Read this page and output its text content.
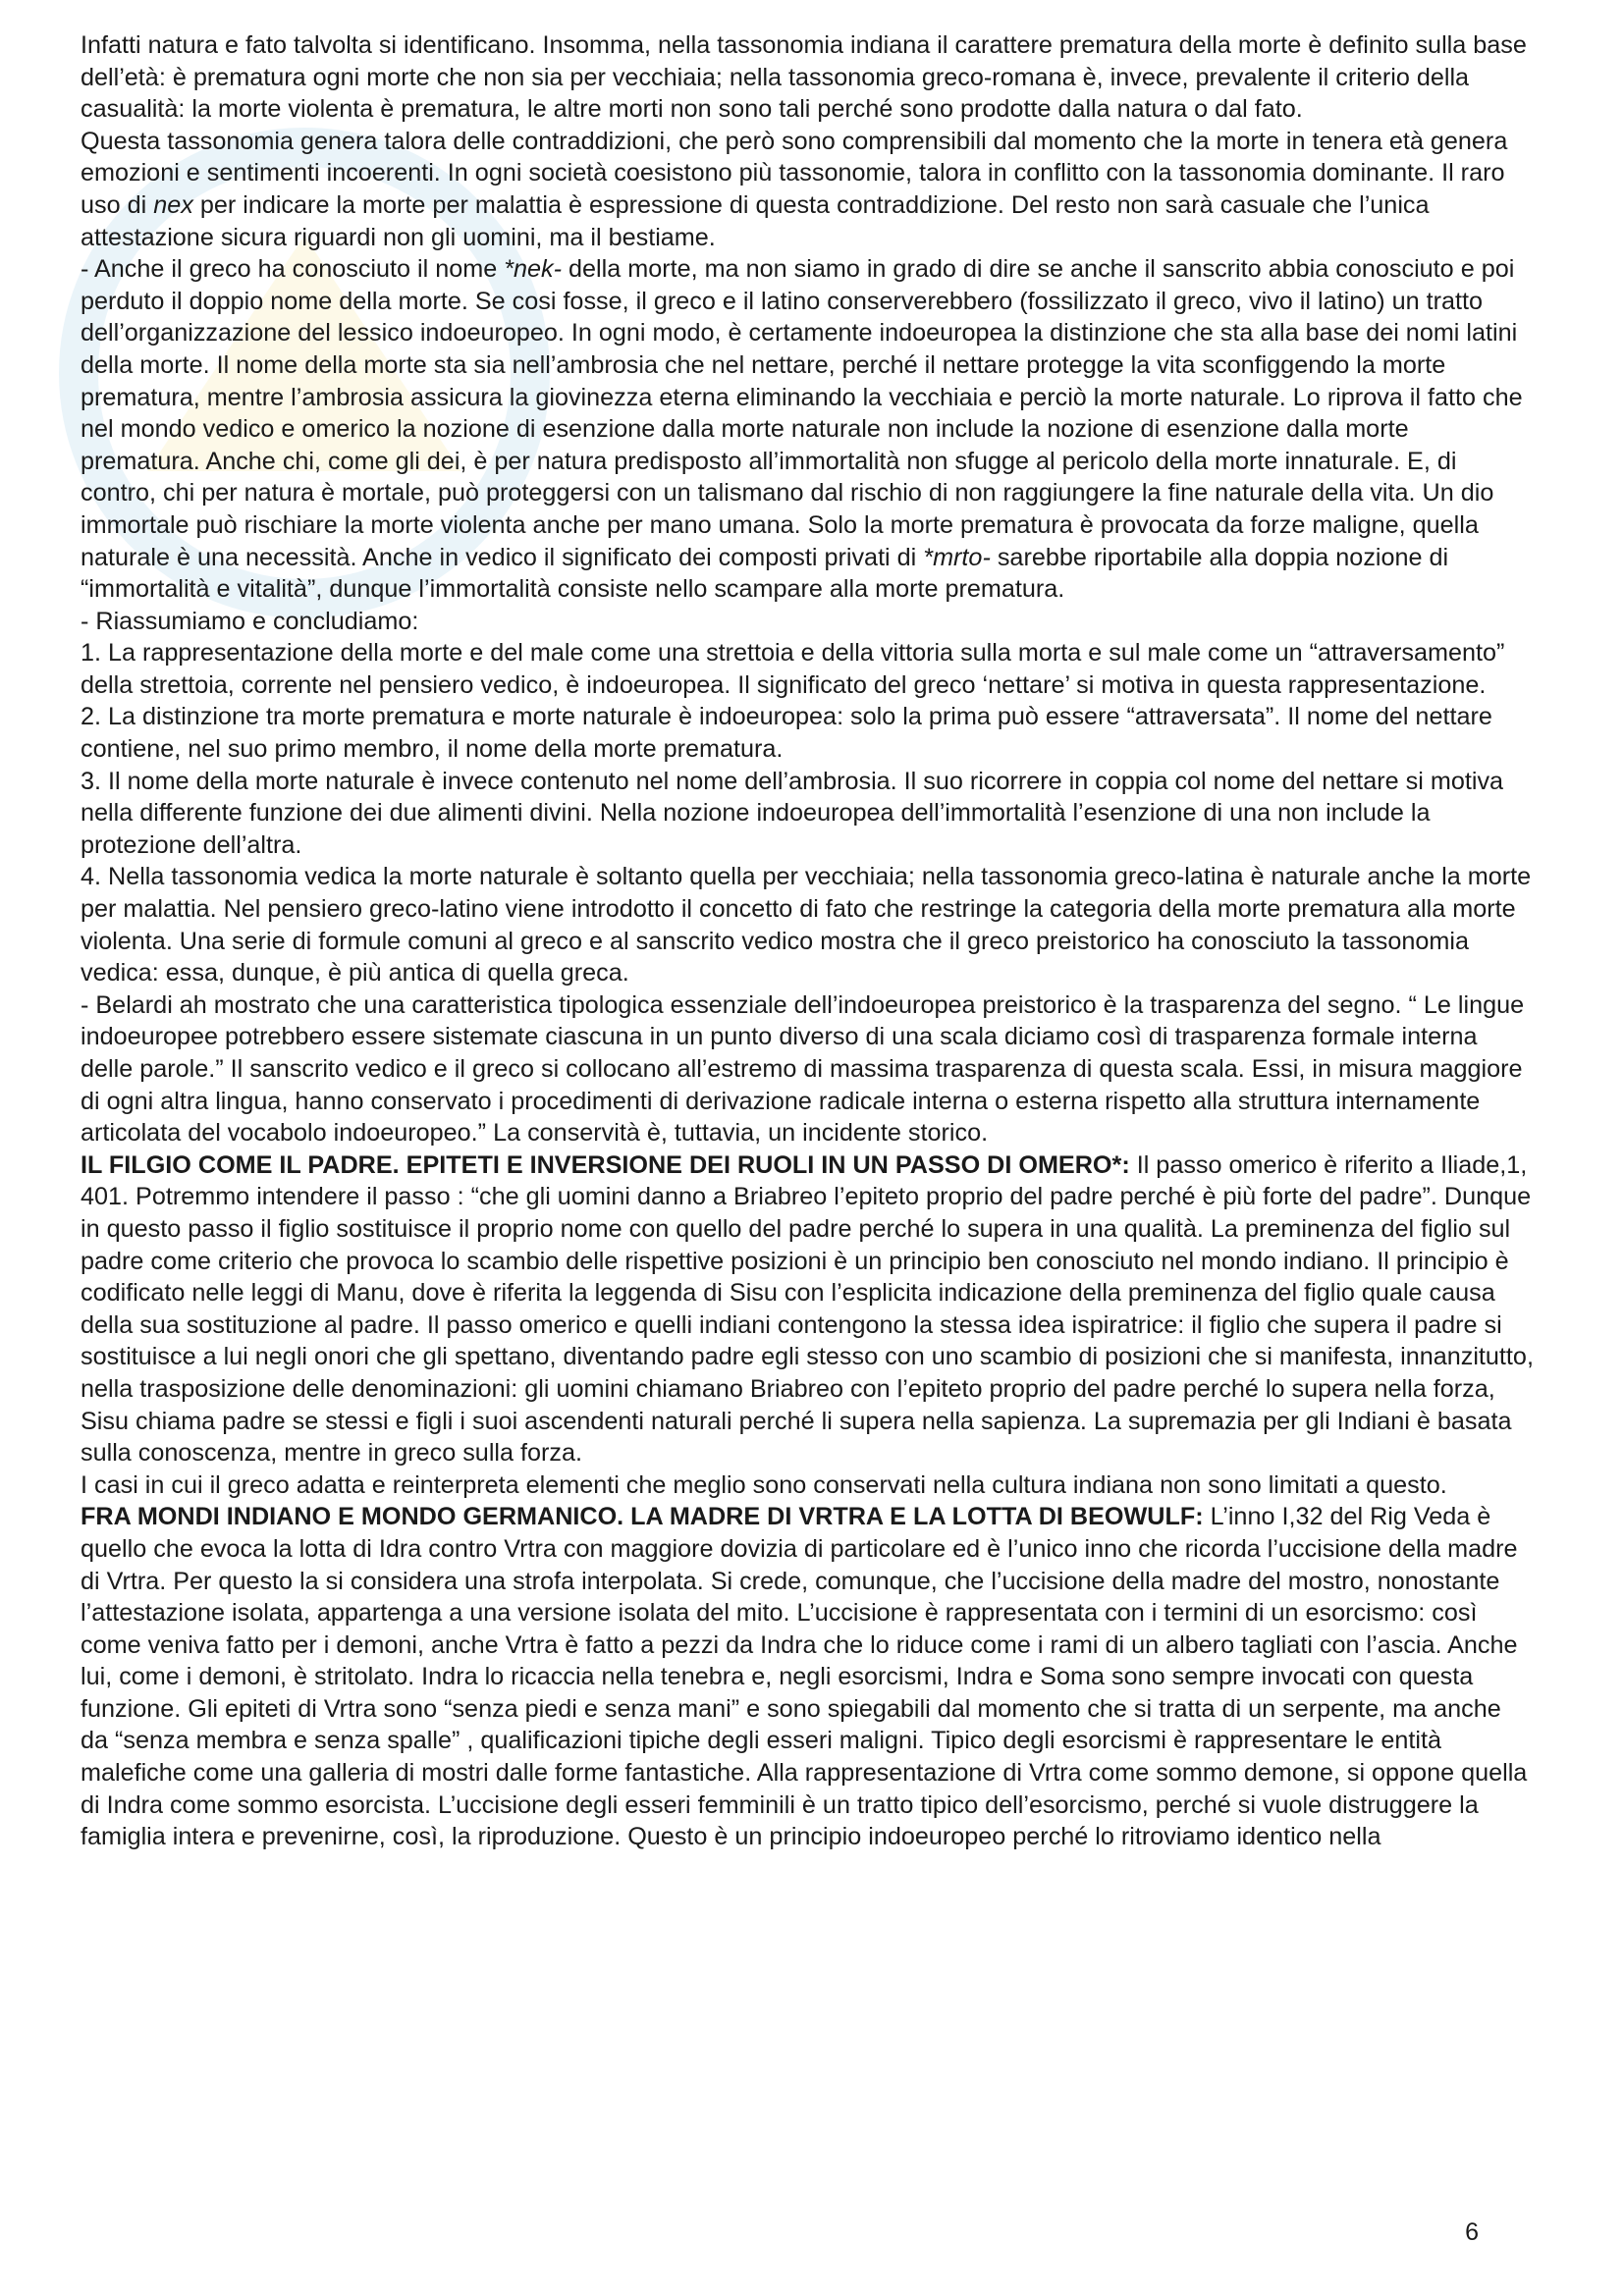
Infatti natura e fato talvolta si identificano. Insomma, nella tassonomia indiana il carattere prematura della morte è definito sulla base dell’età: è prematura ogni morte che non sia per vecchiaia; nella tassonomia greco-romana è, invece, prevalente il criterio della casualità: la morte violenta è prematura, le altre morti non sono tali perché sono prodotte dalla natura o dal fato.

Questa tassonomia genera talora delle contraddizioni, che però sono comprensibili dal momento che la morte in tenera età genera emozioni e sentimenti incoerenti. In ogni società coesistono più tassonomie, talora in conflitto con la tassonomia dominante. Il raro uso di nex per indicare la morte per malattia è espressione di questa contraddizione. Del resto non sarà casuale che l’unica attestazione sicura riguardi non gli uomini, ma il bestiame.

- Anche il greco ha conosciuto il nome *nek- della morte, ma non siamo in grado di dire se anche il sanscrito abbia conosciuto e poi perduto il doppio nome della morte. Se cosi fosse, il greco e il latino conserverebbero (fossilizzato il greco, vivo il latino) un tratto dell’organizzazione del lessico indoeuropeo. In ogni modo, è certamente indoeuropea la distinzione che sta alla base dei nomi latini della morte. Il nome della morte sta sia nell’ambrosia che nel nettare, perché il nettare protegge la vita sconfiggendo la morte prematura, mentre l’ambrosia assicura la giovinezza eterna eliminando la vecchiaia e perciò la morte naturale. Lo riprova il fatto che nel mondo vedico e omerico la nozione di esenzione dalla morte naturale non include la nozione di esenzione dalla morte prematura. Anche chi, come gli dei, è per natura predisposto all’immortalità non sfugge al pericolo della morte innaturale. E, di contro, chi per natura è mortale, può proteggersi con un talismano dal rischio di non raggiungere la fine naturale della vita. Un dio immortale può rischiare la morte violenta anche per mano umana. Solo la morte prematura è provocata da forze maligne, quella naturale è una necessità. Anche in vedico il significato dei composti privati di *mrto- sarebbe riportabile alla doppia nozione di “immortalità e vitalità”, dunque l’immortalità consiste nello scampare alla morte prematura.

- Riassumiamo e concludiamo:

1. La rappresentazione della morte e del male come una strettoia e della vittoria sulla morta e sul male come un “attraversamento” della strettoia, corrente nel pensiero vedico, è indoeuropea. Il significato del greco ‘nettare’ si motiva in questa rappresentazione.

2. La distinzione tra morte prematura e morte naturale è indoeuropea: solo la prima può essere “attraversata”. Il nome del nettare contiene, nel suo primo membro, il nome della morte prematura.

3. Il nome della morte naturale è invece contenuto nel nome dell’ambrosia. Il suo ricorrere in coppia col nome del nettare si motiva nella differente funzione dei due alimenti divini. Nella nozione indoeuropea dell’immortalità l’esenzione di una non include la protezione dell’altra.

4. Nella tassonomia vedica la morte naturale è soltanto quella per vecchiaia; nella tassonomia greco-latina è naturale anche la morte per malattia. Nel pensiero greco-latino viene introdotto il concetto di fato che restringe la categoria della morte prematura alla morte violenta. Una serie di formule comuni al greco e al sanscrito vedico mostra che il greco preistorico ha conosciuto la tassonomia vedica: essa, dunque, è più antica di quella greca.

- Belardi ah mostrato che una caratteristica tipologica essenziale dell’indoeuropea preistorico è la trasparenza del segno. “ Le lingue indoeuropee potrebbero essere sistemate ciascuna in un punto diverso di una scala diciamo così di trasparenza formale interna delle parole.” Il sanscrito vedico e il greco si collocano all’estremo di massima trasparenza di questa scala. Essi, in misura maggiore di ogni altra lingua, hanno conservato i procedimenti di derivazione radicale interna o esterna rispetto alla struttura internamente articolata del vocabolo indoeuropeo.” La conservità è, tuttavia, un incidente storico.

IL FILGIO COME IL PADRE. EPITETI E INVERSIONE DEI RUOLI IN UN PASSO DI OMERO*: Il passo omerico è riferito a Iliade,1, 401. Potremmo intendere il passo : “che gli uomini danno a Briabreo l’epiteto proprio del padre perché è più forte del padre”. Dunque in questo passo il figlio sostituisce il proprio nome con quello del padre perché lo supera in una qualità. La preminenza del figlio sul padre come criterio che provoca lo scambio delle rispettive posizioni è un principio ben conosciuto nel mondo indiano. Il principio è codificato nelle leggi di Manu, dove è riferita la leggenda di Sisu con l’esplicita indicazione della preminenza del figlio quale causa della sua sostituzione al padre. Il passo omerico e quelli indiani contengono la stessa idea ispiratrice: il figlio che supera il padre si sostituisce a lui negli onori che gli spettano, diventando padre egli stesso con uno scambio di posizioni che si manifesta, innanzitutto, nella trasposizione delle denominazioni: gli uomini chiamano Briabreo con l’epiteto proprio del padre perché lo supera nella forza, Sisu chiama padre se stessi e figli i suoi ascendenti naturali perché li supera nella sapienza. La supremazia per gli Indiani è basata sulla conoscenza, mentre in greco sulla forza.

I casi in cui il greco adatta e reinterpreta elementi che meglio sono conservati nella cultura indiana non sono limitati a questo.

FRA MONDI INDIANO E MONDO GERMANICO. LA MADRE DI VRTRA E LA LOTTA DI BEOWULF: L’inno I,32 del Rig Veda è quello che evoca la lotta di Idra contro Vrtra con maggiore dovizia di particolare ed è l’unico inno che ricorda l’uccisione della madre di Vrtra. Per questo la si considera una strofa interpolata. Si crede, comunque, che l’uccisione della madre del mostro, nonostante l’attestazione isolata, appartenga a una versione isolata del mito. L’uccisione è rappresentata con i termini di un esorcismo: così come veniva fatto per i demoni, anche Vrtra è fatto a pezzi da Indra che lo riduce come i rami di un albero tagliati con l’ascia. Anche lui, come i demoni, è stritolato. Indra lo ricaccia nella tenebra e, negli esorcismi, Indra e Soma sono sempre invocati con questa funzione. Gli epiteti di Vrtra sono “senza piedi e senza mani” e sono spiegabili dal momento che si tratta di un serpente, ma anche da “senza membra e senza spalle” , qualificazioni tipiche degli esseri maligni. Tipico degli esorcismi è rappresentare le entità malefiche come una galleria di mostri dalle forme fantastiche. Alla rappresentazione di Vrtra come sommo demone, si oppone quella di Indra come sommo esorcista. L’uccisione degli esseri femminili è un tratto tipico dell’esorcismo, perché si vuole distruggere la famiglia intera e prevenirne, così, la riproduzione. Questo è un principio indoeuropeo perché lo ritroviamo identico nella

6
